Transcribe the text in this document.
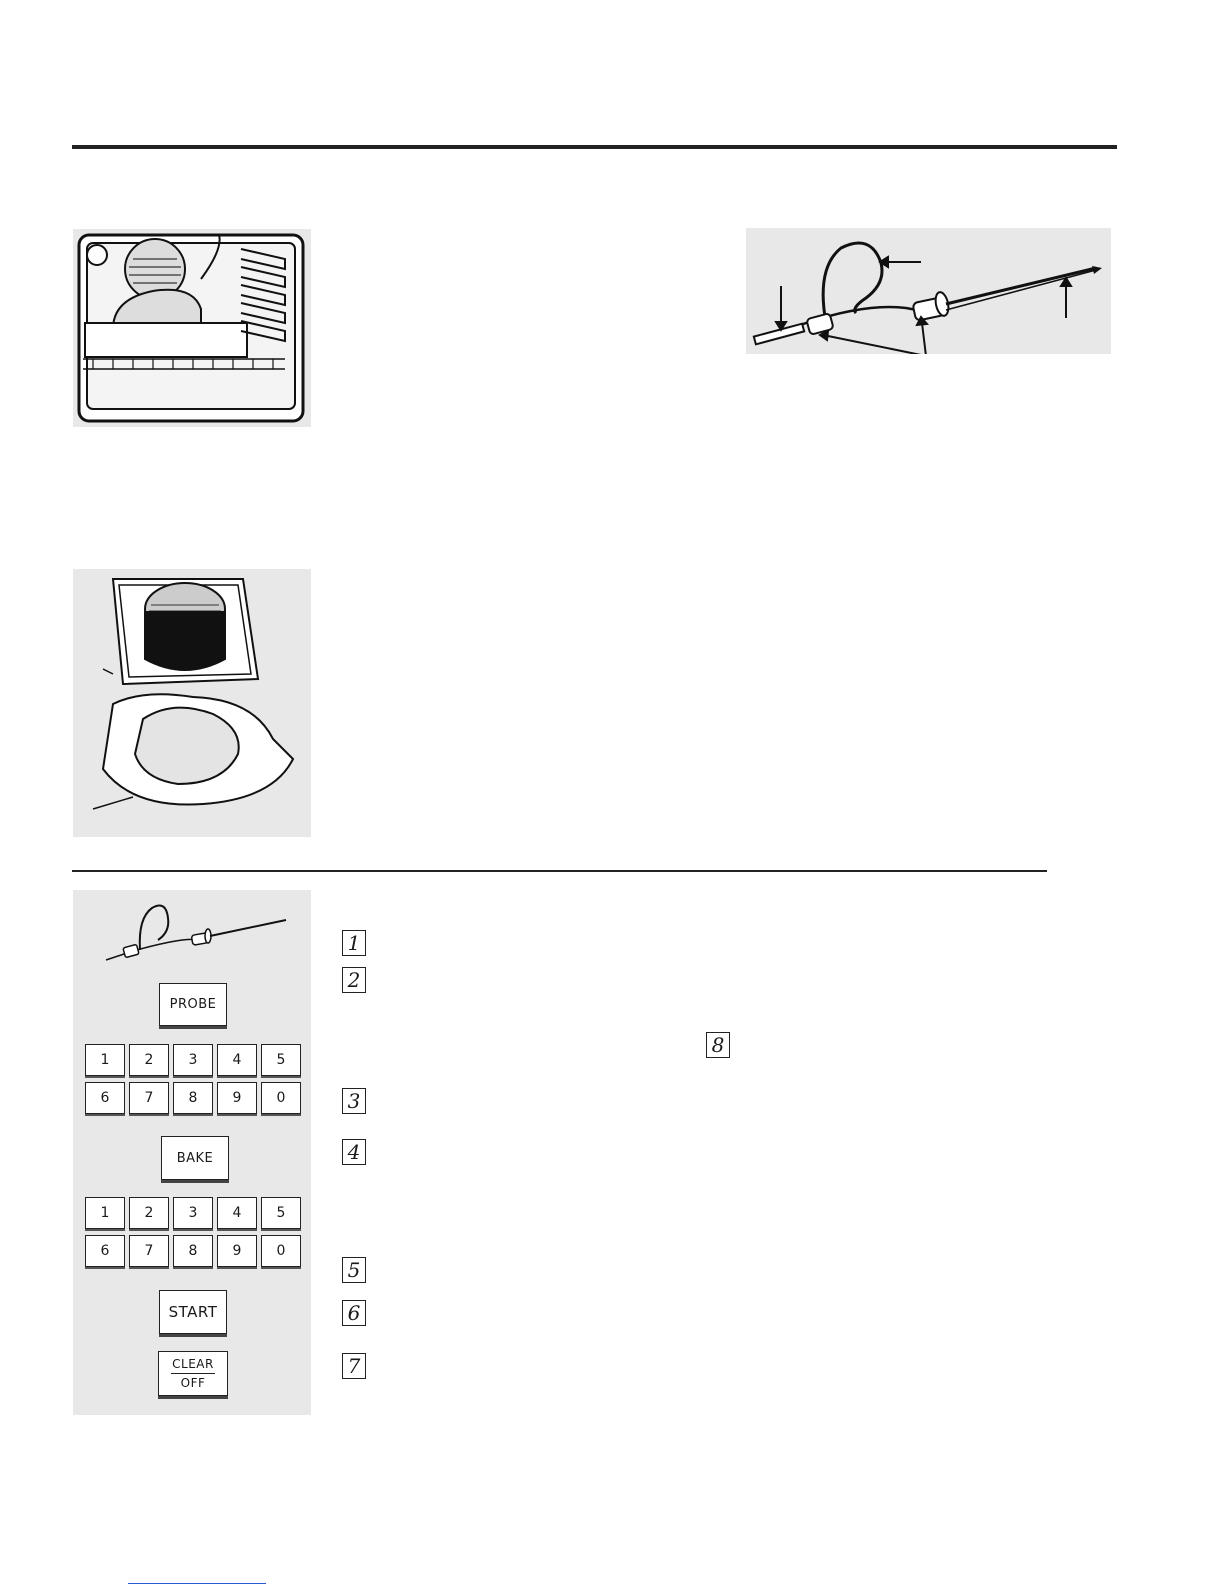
PROBE
1	2	3	4	5
6	7	8	9	0
BAKE
1	2	3	4	5
6	7	8	9	0
START
CLEAR
OFF
1
2
8
3
4
5
6
7
